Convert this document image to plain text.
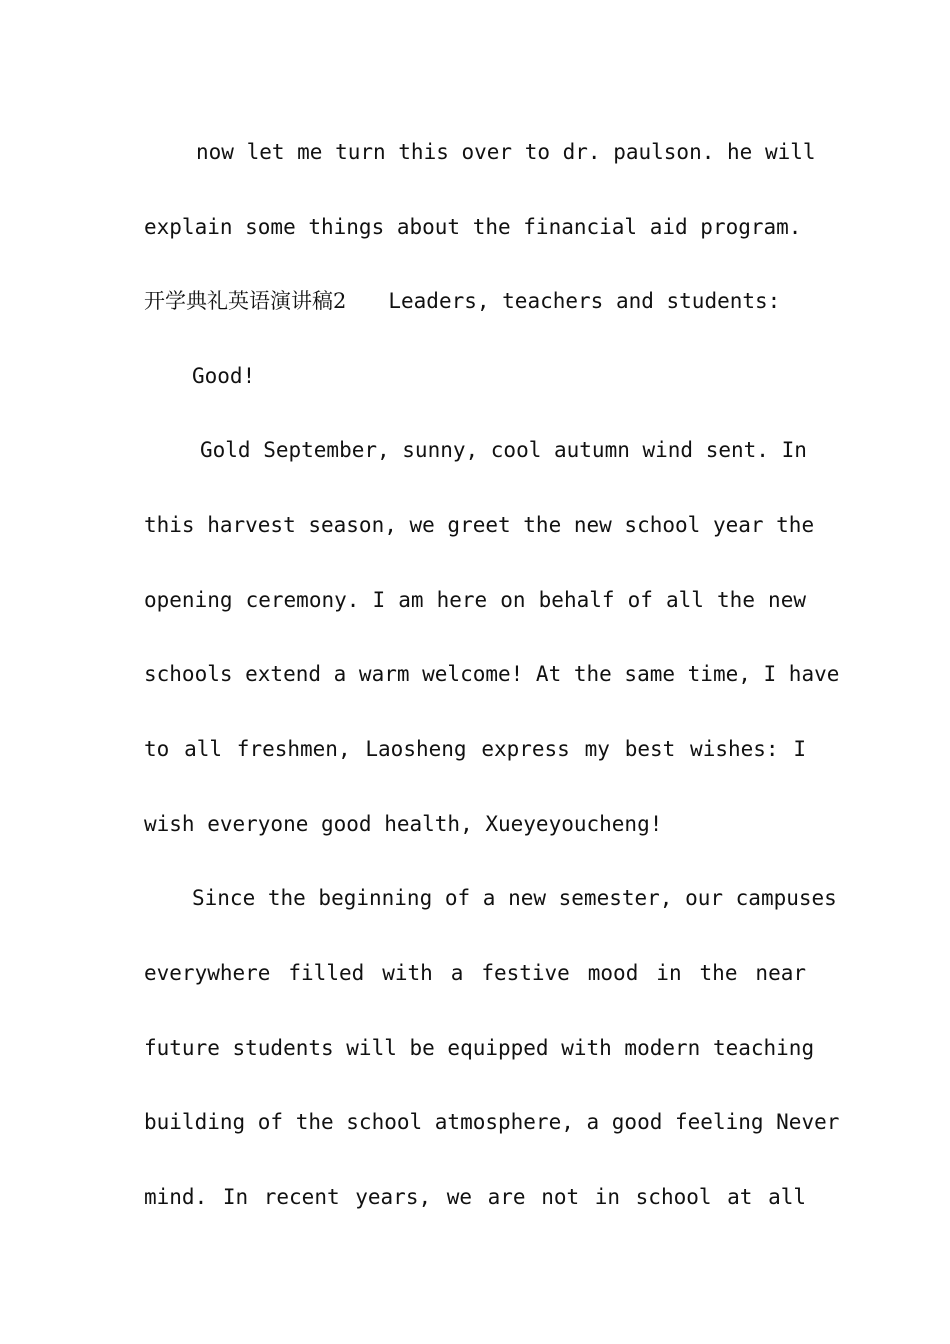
now let me turn this over to dr. paulson. he will
explain some things about the financial aid program.
开学典礼英语演讲稿2 Leaders, teachers and students:
Good!
Gold September, sunny, cool autumn wind sent. In
this harvest season, we greet the new school year the
opening ceremony. I am here on behalf of all the new
schools extend a warm welcome! At the same time, I have
to all freshmen, Laosheng express my best wishes: I
wish everyone good health, Xueyeyoucheng!
Since the beginning of a new semester, our campuses
everywhere filled with a festive mood in the near
future students will be equipped with modern teaching
building of the school atmosphere, a good feeling Never
mind. In recent years, we are not in school at all
